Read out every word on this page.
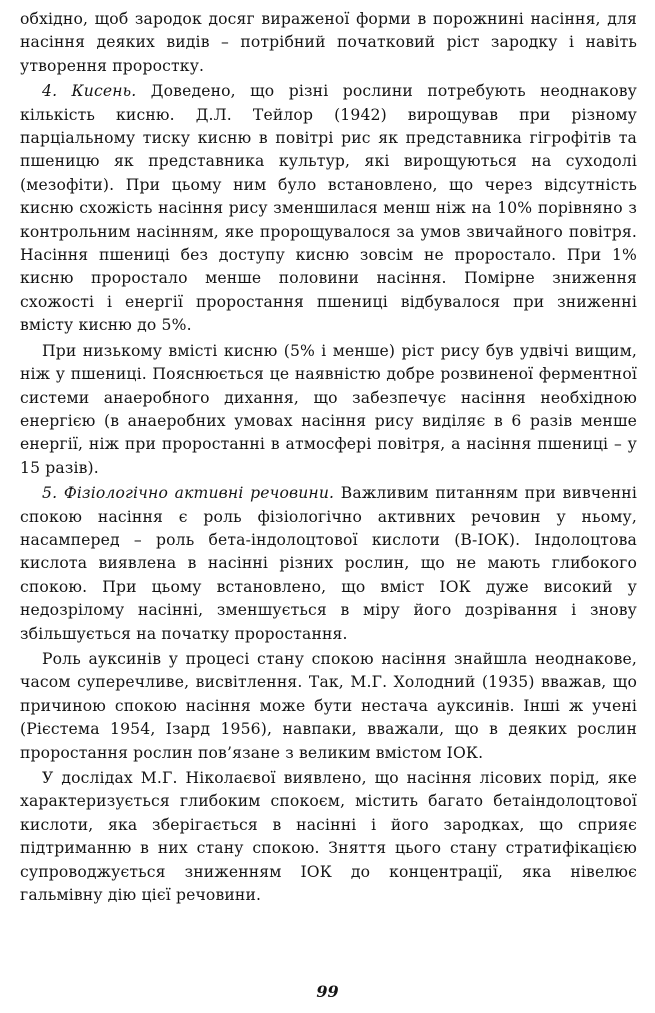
обхідно, щоб зародок досяг вираженої форми в порожнині насіння, для насіння деяких видів – потрібний початковий ріст зародку і навіть утворення проростку.

4. Кисень. Доведено, що різні рослини потребують неоднакову кількість кисню. Д.Л. Тейлор (1942) вирощував при різному парціальному тиску кисню в повітрі рис як представника гігрофітів та пшеницю як представника культур, які вирощуються на суходолі (мезофіти). При цьому ним було встановлено, що через відсутність кисню схожість насіння рису зменшилася менш ніж на 10% порівняно з контрольним насінням, яке пророщувалося за умов звичайного повітря. Насіння пшениці без доступу кисню зовсім не проростало. При 1% кисню проростало менше половини насіння. Помірне зниження схожості і енергії проростання пшениці відбувалося при зниженні вмісту кисню до 5%.

При низькому вмісті кисню (5% і менше) ріст рису був удвічі вищим, ніж у пшениці. Пояснюється це наявністю добре розвиненої ферментної системи анаеробного дихання, що забезпечує насіння необхідною енергією (в анаеробних умовах насіння рису виділяє в 6 разів менше енергії, ніж при проростанні в атмосфері повітря, а насіння пшениці – у 15 разів).

5. Фізіологічно активні речовини. Важливим питанням при вивченні спокою насіння є роль фізіологічно активних речовин у ньому, насамперед – роль бета-індолоцтової кислоти (В-ІОК). Індолоцтова кислота виявлена в насінні різних рослин, що не мають глибокого спокою. При цьому встановлено, що вміст ІОК дуже високий у недозрілому насінні, зменшується в міру його дозрівання і знову збільшується на початку проростання.

Роль ауксинів у процесі стану спокою насіння знайшла неоднакове, часом суперечливе, висвітлення. Так, М.Г. Холодний (1935) вважав, що причиною спокою насіння може бути нестача ауксинів. Інші ж учені (Рієстема 1954, Ізард 1956), навпаки, вважали, що в деяких рослин проростання рослин пов’язане з великим вмістом ІОК.

У дослідах М.Г. Ніколаєвої виявлено, що насіння лісових порід, яке характеризується глибоким спокоєм, містить багато бетаіндолоцтової кислоти, яка зберігається в насінні і його зародках, що сприяє підтриманню в них стану спокою. Зняття цього стану стратифікацією супроводжується зниженням ІОК до концентрації, яка нівелює гальмівну дію цієї речовини.

99
